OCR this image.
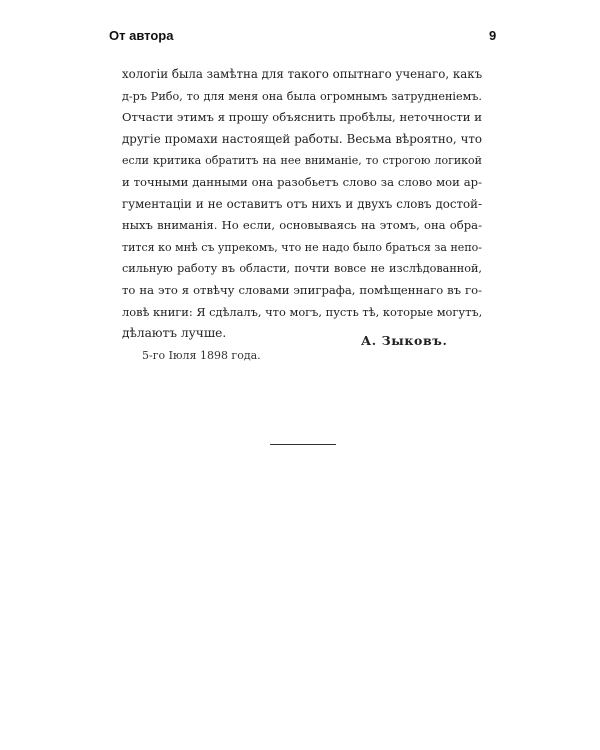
От автора	9
хологіи была замѣтна для такого опытнаго ученаго, какъ
д-ръ Рибо, то для меня она была огромнымъ затрудненіемъ.
Отчасти этимъ я прошу объяснить пробѣлы, неточности и
другіе промахи настоящей работы. Весьма вѣроятно, что
если критика обратитъ на нее вниманіе, то строгою логикой
и точными данными она разобьетъ слово за слово мои ар-
гументаціи и не оставитъ отъ нихъ и двухъ словъ достой-
ныхъ вниманія. Но если, основываясь на этомъ, она обра-
тится ко мнѣ съ упрекомъ, что не надо было браться за непо-
сильную работу въ области, почти вовсе не изслѣдованной,
то на это я отвѣчу словами эпиграфа, помѣщеннаго въ го-
ловѣ книги: Я сдѣлалъ, что могъ, пусть тѣ, которые могутъ,
дѣлаютъ лучше.	А. Зыковъ.
5-го Іюля 1898 года.
